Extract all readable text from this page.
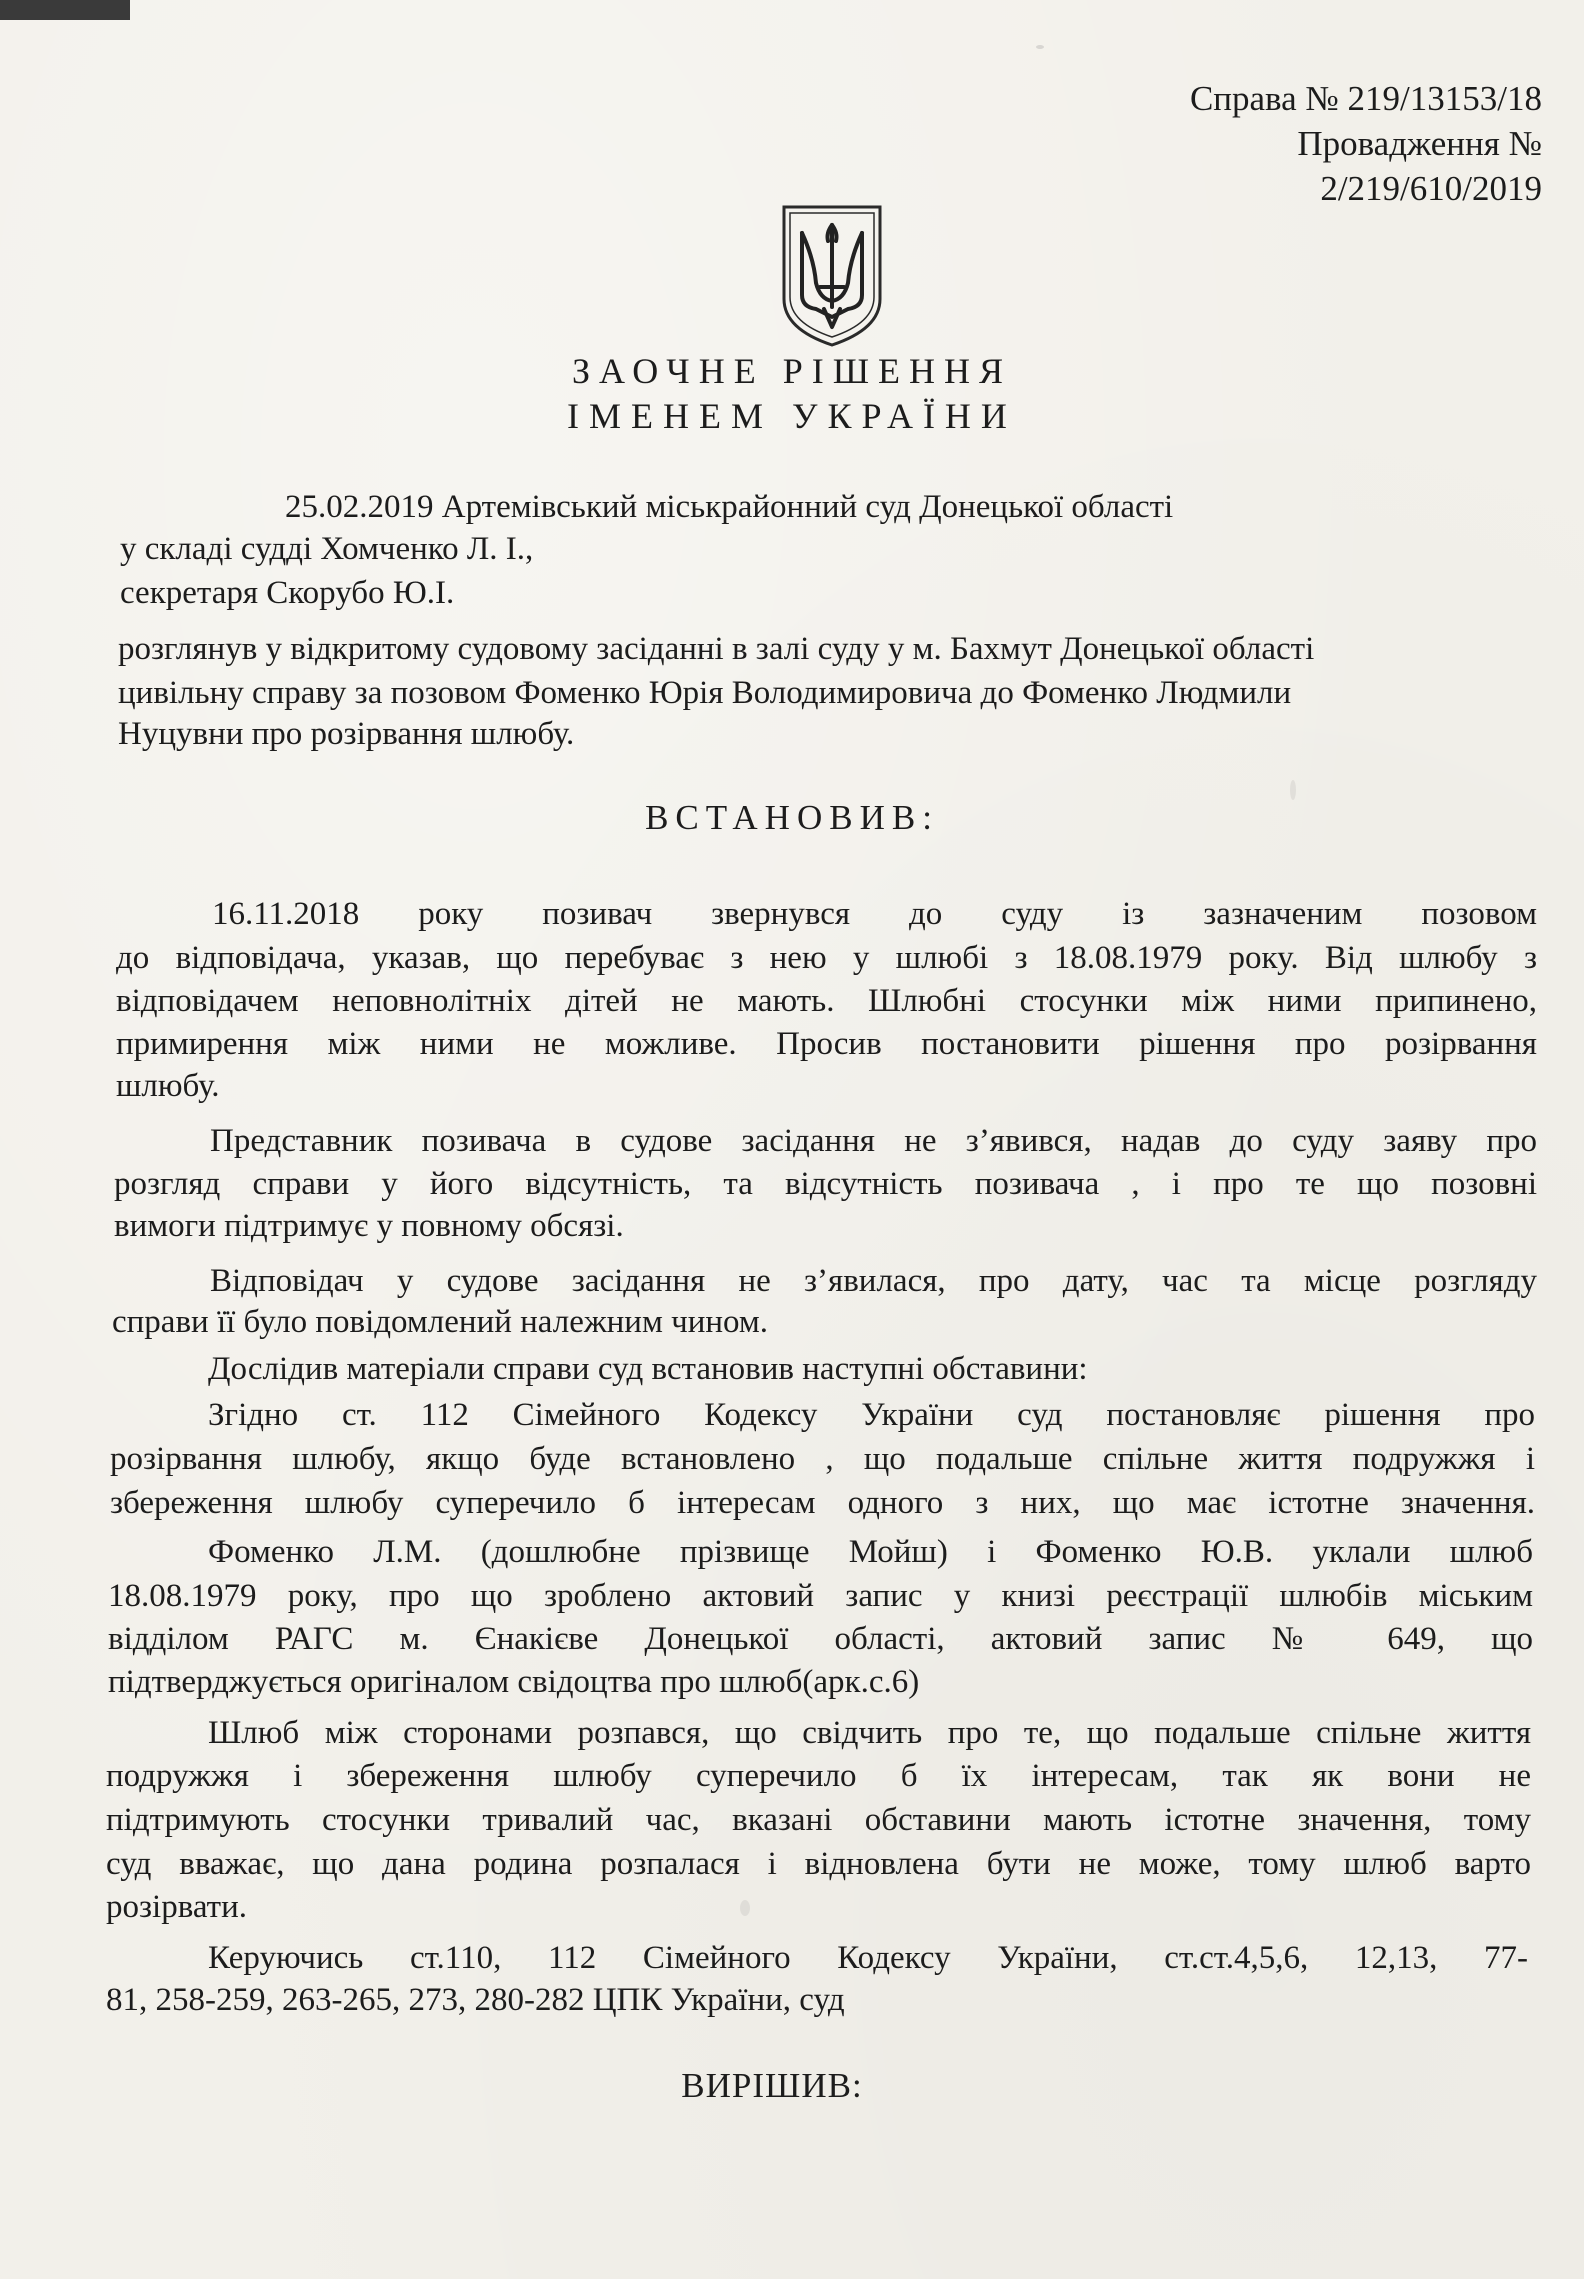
Справа № 219/13153/18
Провадження №
2/219/610/2019
ЗАОЧНЕ РІШЕННЯ
ІМЕНЕМ УКРАЇНИ
25.02.2019 Артемівський міськрайонний суд Донецької області
у складі судді Хомченко Л. І.,
секретаря Скорубо Ю.І.
розглянув у відкритому судовому засіданні в залі суду у м. Бахмут Донецької області
цивільну справу за позовом Фоменко Юрія Володимировича до Фоменко Людмили
Нуцувни про розірвання шлюбу.
ВСТАНОВИВ:
16.11.2018 року позивач звернувся до суду із зазначеним позовом
до відповідача, указав, що перебуває з нею у шлюбі з 18.08.1979 року. Від шлюбу з
відповідачем неповнолітніх дітей не мають. Шлюбні стосунки між ними припинено,
примирення між ними не можливе. Просив постановити рішення про розірвання
шлюбу.
Представник позивача в судове засідання не з’явився, надав до суду заяву про
розгляд справи у його відсутність, та відсутність позивача , і про те що позовні
вимоги підтримує у повному обсязі.
Відповідач у судове засідання не з’явилася, про дату, час та місце розгляду
справи її було повідомлений належним чином.
Дослідив матеріали справи суд встановив наступні обставини:
Згідно ст. 112 Сімейного Кодексу України суд постановляє рішення про
розірвання шлюбу, якщо буде встановлено , що подальше спільне життя подружжя і
збереження шлюбу суперечило б інтересам одного з них, що має істотне значення.
Фоменко Л.М. (дошлюбне прізвище Мойш) і Фоменко Ю.В. уклали шлюб
18.08.1979 року, про що зроблено актовий запис у книзі реєстрації шлюбів міським
відділом РАГС м. Єнакієве Донецької області, актовий запис № 649, що
підтверджується оригіналом свідоцтва про шлюб(арк.с.6)
Шлюб між сторонами розпався, що свідчить про те, що подальше спільне життя
подружжя і збереження шлюбу суперечило б їх інтересам, так як вони не
підтримують стосунки тривалий час, вказані обставини мають істотне значення, тому
суд вважає, що дана родина розпалася і відновлена бути не може, тому шлюб варто
розірвати.
Керуючись ст.110, 112 Сімейного Кодексу України, ст.ст.4,5,6, 12,13, 77-
81, 258-259, 263-265, 273, 280-282 ЦПК України, суд
ВИРІШИВ:
